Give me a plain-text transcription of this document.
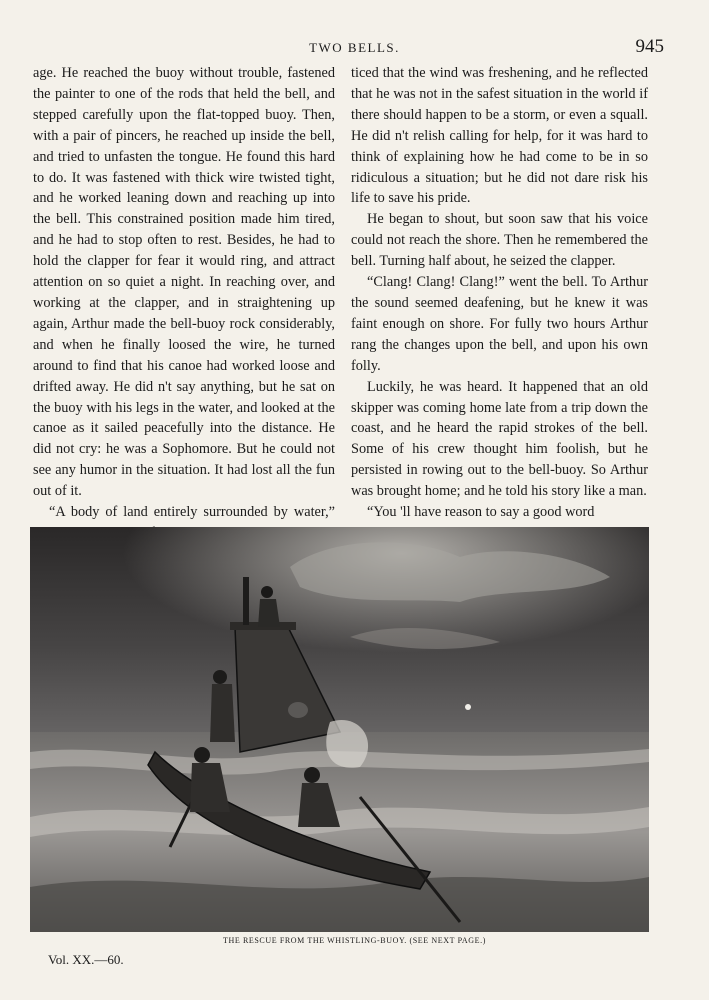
TWO BELLS.	945

age. He reached the buoy without trouble, fastened the painter to one of the rods that held the bell, and stepped carefully upon the flat-topped buoy. Then, with a pair of pincers, he reached up inside the bell, and tried to unfasten the tongue. He found this hard to do. It was fastened with thick wire twisted tight, and he worked leaning down and reaching up into the bell. This constrained position made him tired, and he had to stop often to rest. Besides, he had to hold the clapper for fear it would ring, and attract attention on so quiet a night. In reaching over, and working at the clapper, and in straightening up again, Arthur made the bell-buoy rock considerably, and when he finally loosed the wire, he turned around to find that his canoe had worked loose and drifted away. He did n't say anything, but he sat on the buoy with his legs in the water, and looked at the canoe as it sailed peacefully into the distance. He did not cry: he was a Sophomore. But he could not see any humor in the situation. It had lost all the fun out of it.

“A body of land entirely surrounded by water,”

ticed that the wind was freshening, and he reflected that he was not in the safest situation in the world if there should happen to be a storm, or even a squall. He did n't relish calling for help, for it was hard to think of explaining how he had come to be in so ridiculous a situation; but he did not dare risk his life to save his pride.

He began to shout, but soon saw that his voice could not reach the shore. Then he remembered the bell. Turning half about, he seized the clapper.

“Clang! Clang! Clang!” went the bell. To Arthur the sound seemed deafening, but he knew it was faint enough on shore. For fully two hours Arthur rang the changes upon the bell, and upon his own folly.

Luckily, he was heard. It happened that an old skipper was coming home late from a trip down the coast, and he heard the rapid strokes of the bell. Some of his crew thought him foolish, but he persisted in rowing out to the bell-buoy. So Arthur was brought home; and he told his story like a man.

“You 'll have reason to say a good word

THE RESCUE FROM THE WHISTLING-BUOY. (SEE NEXT PAGE.)
Vol. XX.—60.
